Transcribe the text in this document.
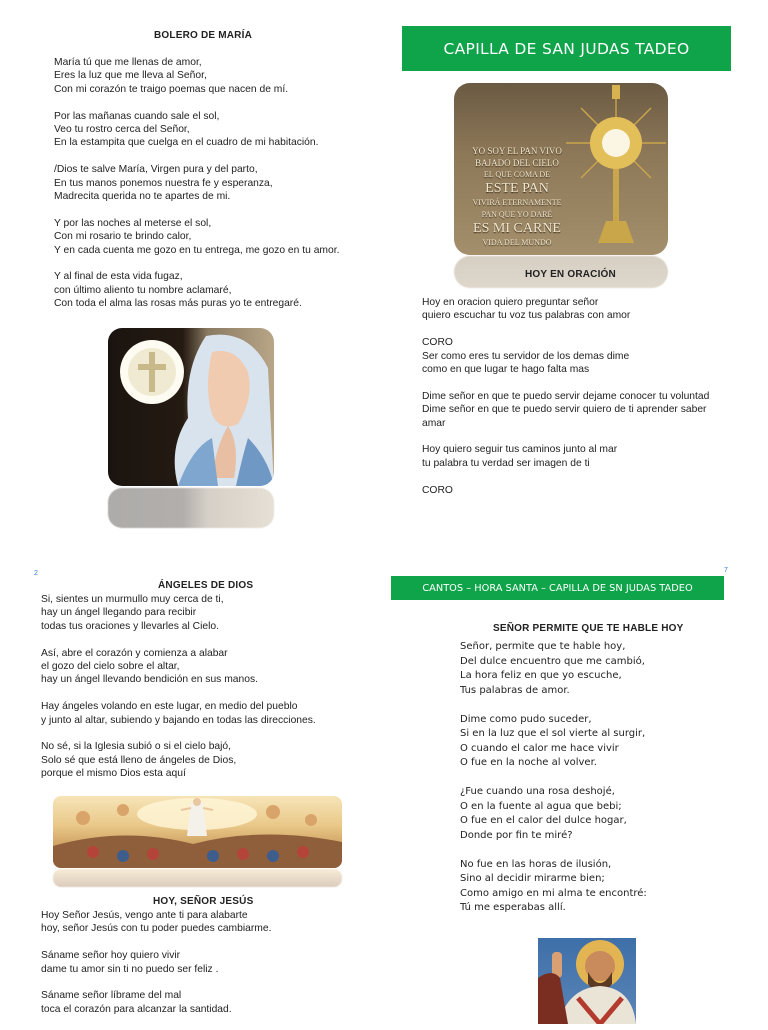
2	7
BOLERO DE MARÍA

María tú que me llenas de amor,
Eres la luz que me lleva al Señor,
Con mi corazón te traigo poemas que nacen de mí.

Por las mañanas cuando sale el sol,
Veo tu rostro cerca del Señor,
En la estampita que cuelga en el cuadro de mi habitación.

/Dios te salve María, Virgen pura y del parto,
En tus manos ponemos nuestra fe y esperanza,
Madrecita querida no te apartes de mi.

Y por las noches al meterse el sol,
Con mi rosario te brindo calor,
Y en cada cuenta me gozo en tu entrega, me gozo en tu amor.

Y al final de esta vida fugaz,
con último aliento tu nombre aclamaré,
Con toda el alma las rosas más puras yo te entregaré.

CAPILLA DE SAN JUDAS TADEO
YO SOY EL PAN VIVO
BAJADO DEL CIELO
EL QUE COMA DE
ESTE PAN
VIVIRÁ ETERNAMENTE
PAN QUE YO DARÉ
ES MI CARNE
VIDA DEL MUNDO
HOY EN ORACIÓN

Hoy en oracion quiero preguntar señor
quiero escuchar tu voz tus palabras con amor

CORO
Ser como eres tu servidor de los demas dime
como en que lugar te hago falta mas

Dime señor en que te puedo servir dejame conocer tu voluntad
Dime señor en que te puedo servir quiero de ti aprender saber
amar

Hoy quiero seguir tus caminos junto al mar
tu palabra tu verdad ser imagen de ti

CORO

ÁNGELES DE DIOS

Si, sientes un murmullo muy cerca de ti,
hay un ángel llegando para recibir
todas tus oraciones y llevarles al Cielo.

Así, abre el corazón y comienza a alabar
el gozo del cielo sobre el altar,
hay un ángel llevando bendición en sus manos.

Hay ángeles volando en este lugar, en medio del pueblo
y junto al altar, subiendo y bajando en todas las direcciones.

No sé, si la Iglesia subió o si el cielo bajó,
Solo sé que está lleno de ángeles de Dios,
porque el mismo Dios esta aquí

HOY, SEÑOR JESÚS

Hoy Señor Jesús, vengo ante ti para alabarte
hoy, señor Jesús con tu poder puedes cambiarme.

Sáname señor hoy quiero vivir
dame tu amor sin ti no puedo ser feliz .

Sáname señor líbrame del mal
toca el corazón para alcanzar la santidad.

CANTOS – HORA SANTA – CAPILLA DE SN JUDAS TADEO
SEÑOR PERMITE QUE TE HABLE HOY

Señor, permite que te hable hoy,
Del dulce encuentro que me cambió,
La hora feliz en que yo escuche,
Tus palabras de amor.

Dime como pudo suceder,
Si en la luz que el sol vierte al surgir,
O cuando el calor me hace vivir
O fue en la noche al volver.

¿Fue cuando una rosa deshojé,
O en la fuente al agua que bebi;
O fue en el calor del dulce hogar,
Donde por fin te miré?

No fue en las horas de ilusión,
Sino al decidir mirarme bien;
Como amigo en mi alma te encontré:
Tú me esperabas allí.
